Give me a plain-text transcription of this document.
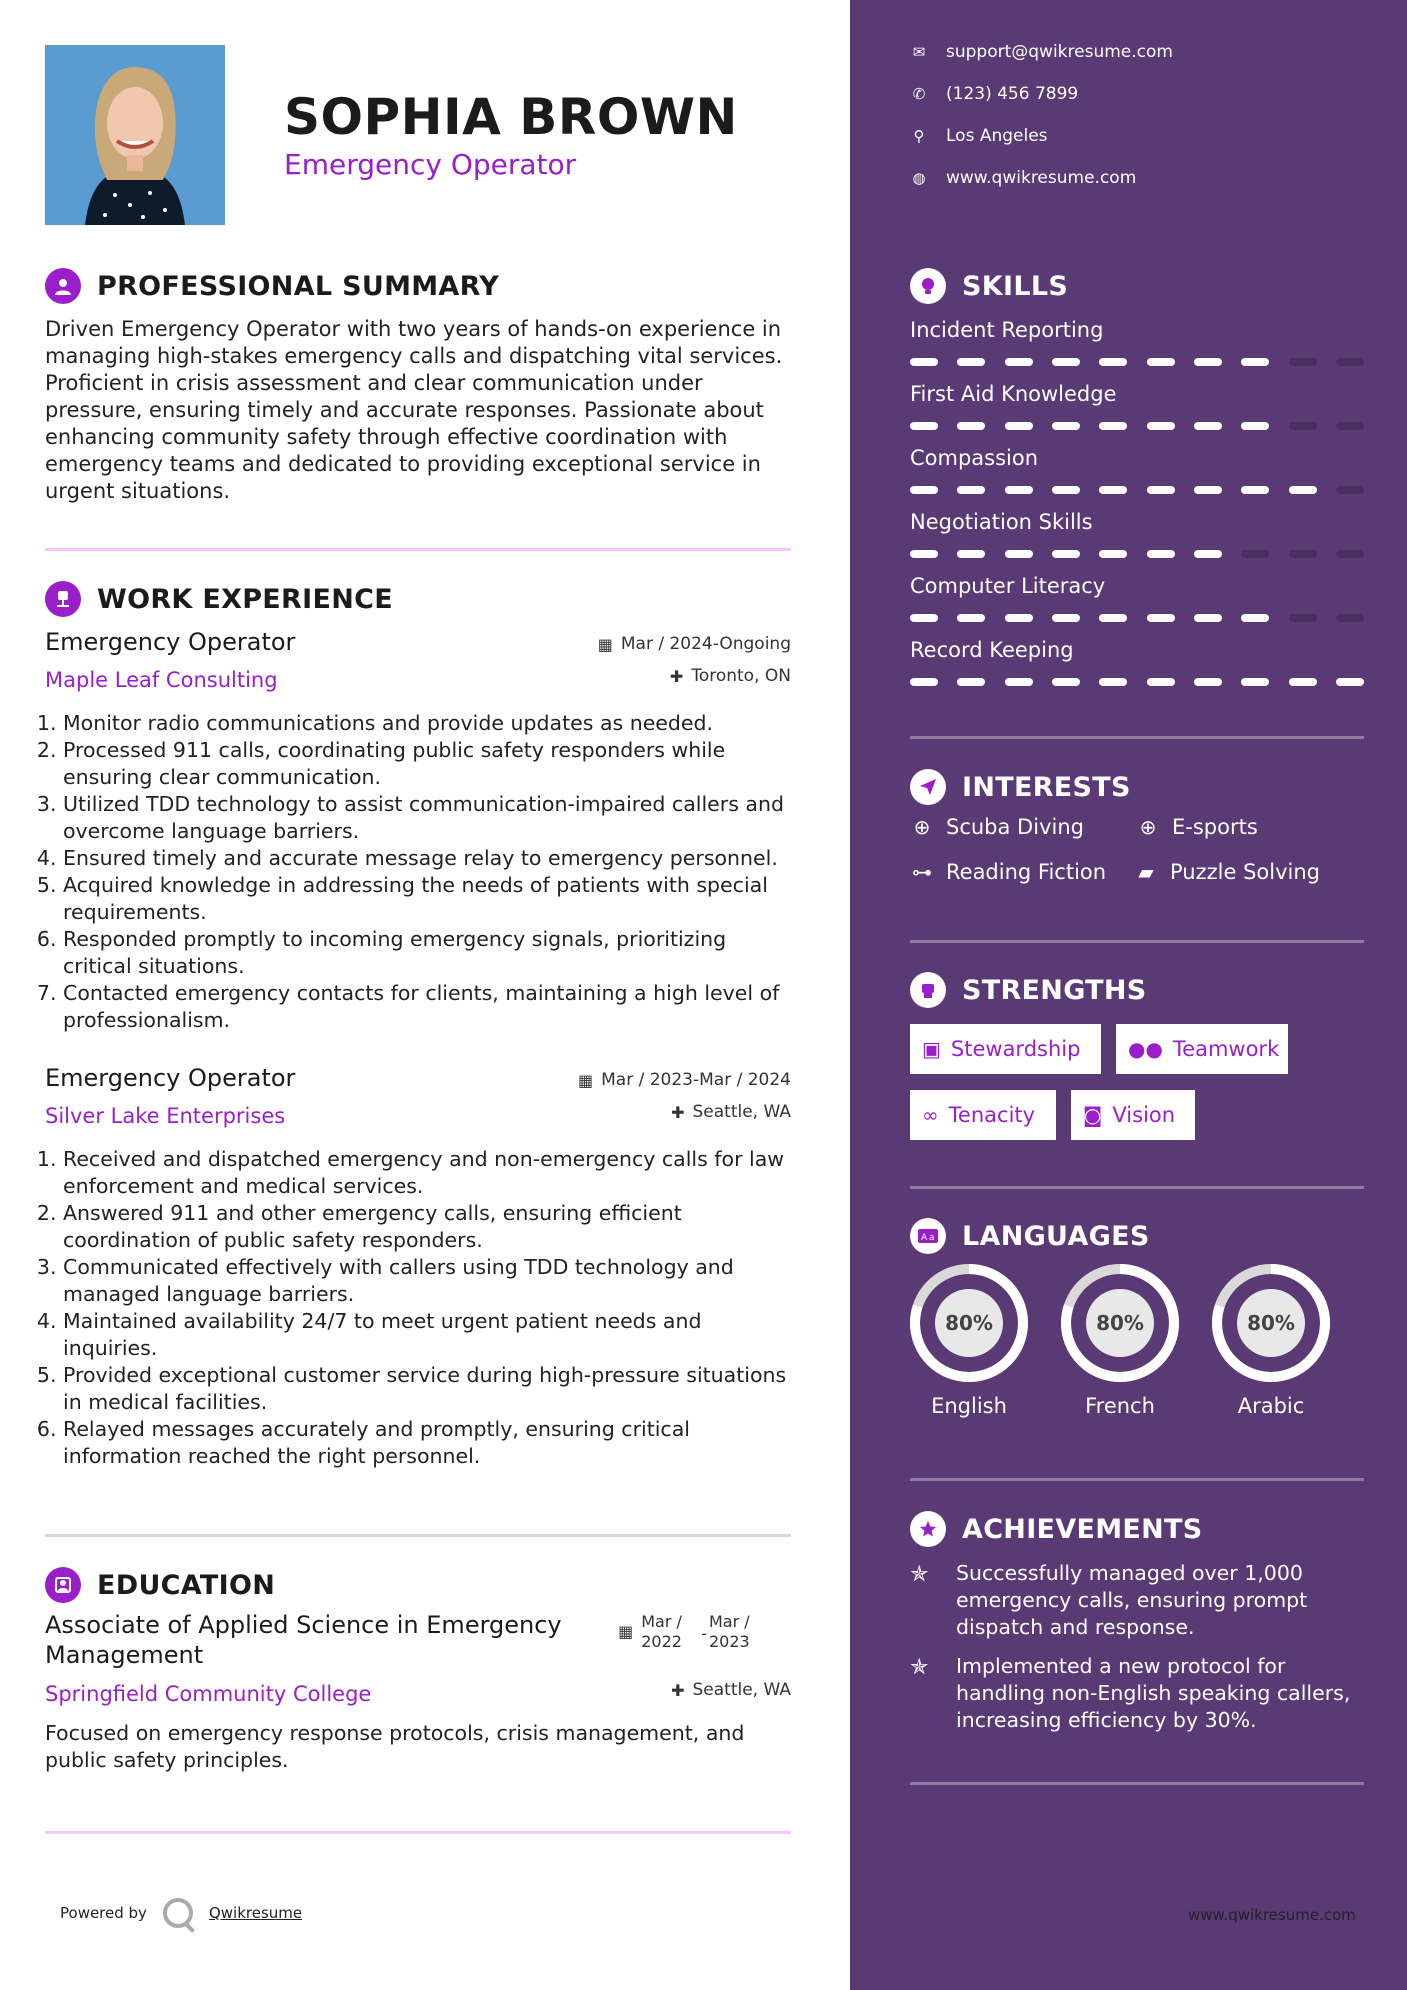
SOPHIA BROWN
Emergency Operator
PROFESSIONAL SUMMARY
Driven Emergency Operator with two years of hands-on experience in managing high-stakes emergency calls and dispatching vital services. Proficient in crisis assessment and clear communication under pressure, ensuring timely and accurate responses. Passionate about enhancing community safety through effective coordination with emergency teams and dedicated to providing exceptional service in urgent situations.
WORK EXPERIENCE
Emergency Operator
Maple Leaf Consulting
▦ Mar / 2024-Ongoing
✚ Toronto, ON
1. Monitor radio communications and provide updates as needed.
2. Processed 911 calls, coordinating public safety responders while ensuring clear communication.
3. Utilized TDD technology to assist communication-impaired callers and overcome language barriers.
4. Ensured timely and accurate message relay to emergency personnel.
5. Acquired knowledge in addressing the needs of patients with special requirements.
6. Responded promptly to incoming emergency signals, prioritizing critical situations.
7. Contacted emergency contacts for clients, maintaining a high level of professionalism.
Emergency Operator
Silver Lake Enterprises
▦ Mar / 2023-Mar / 2024
✚ Seattle, WA
1. Received and dispatched emergency and non-emergency calls for law enforcement and medical services.
2. Answered 911 and other emergency calls, ensuring efficient coordination of public safety responders.
3. Communicated effectively with callers using TDD technology and managed language barriers.
4. Maintained availability 24/7 to meet urgent patient needs and inquiries.
5. Provided exceptional customer service during high-pressure situations in medical facilities.
6. Relayed messages accurately and promptly, ensuring critical information reached the right personnel.
EDUCATION
Associate of Applied Science in Emergency Management
Springfield Community College
▦
Mar / 2022	-
Mar / 2023
✚ Seattle, WA
Focused on emergency response protocols, crisis management, and public safety principles.
Powered by	Qwikresume
✉ support@qwikresume.com
✆ (123) 456 7899
⚲ Los Angeles
◍ www.qwikresume.com
SKILLS
Incident Reporting
First Aid Knowledge
Compassion
Negotiation Skills
Computer Literacy
Record Keeping
INTERESTS
⊕ Scuba Diving	⊕ E-sports
⊶ Reading Fiction ▰ Puzzle Solving
STRENGTHS
▣ Stewardship ●● Teamwork
∞ Tenacity ◙ Vision
A a LANGUAGES
80%
English
80%
French
80%
Arabic
ACHIEVEMENTS
✯	Successfully managed over 1,000 emergency calls, ensuring prompt dispatch and response.
✯	Implemented a new protocol for handling non-English speaking callers, increasing efficiency by 30%.
www.qwikresume.com
